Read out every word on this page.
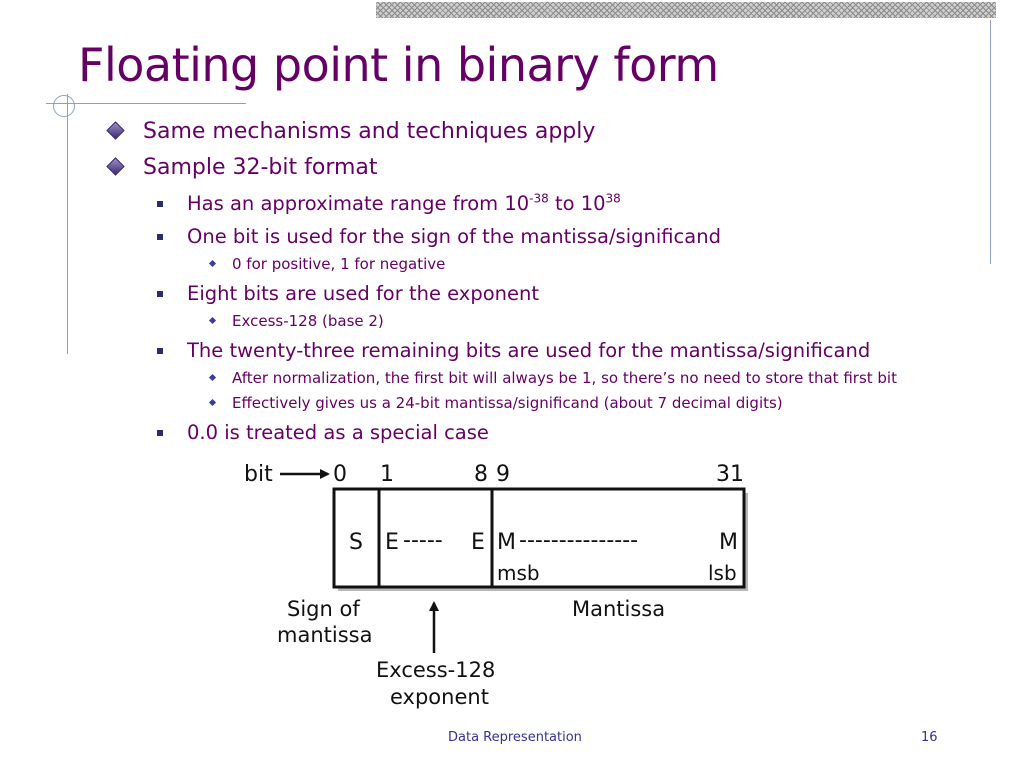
Floating point in binary form
Same mechanisms and techniques apply
Sample 32-bit format
Has an approximate range from $10^{-38}$ to $10^{38}$
One bit is used for the sign of the mantissa/significand
0 for positive, 1 for negative
Eight bits are used for the exponent
Excess-128 (base 2)
The twenty-three remaining bits are used for the mantissa/significand
After normalization, the first bit will always be 1, so there’s no need to store that first bit
Effectively gives us a 24-bit mantissa/significand (about 7 decimal digits)
0.0 is treated as a special case
bit	0 1	8 9	31
S E ----- E M ---------------	M
msb	lsb
Sign of
mantissa
Mantissa
Excess-128
exponent
Data Representation	16
